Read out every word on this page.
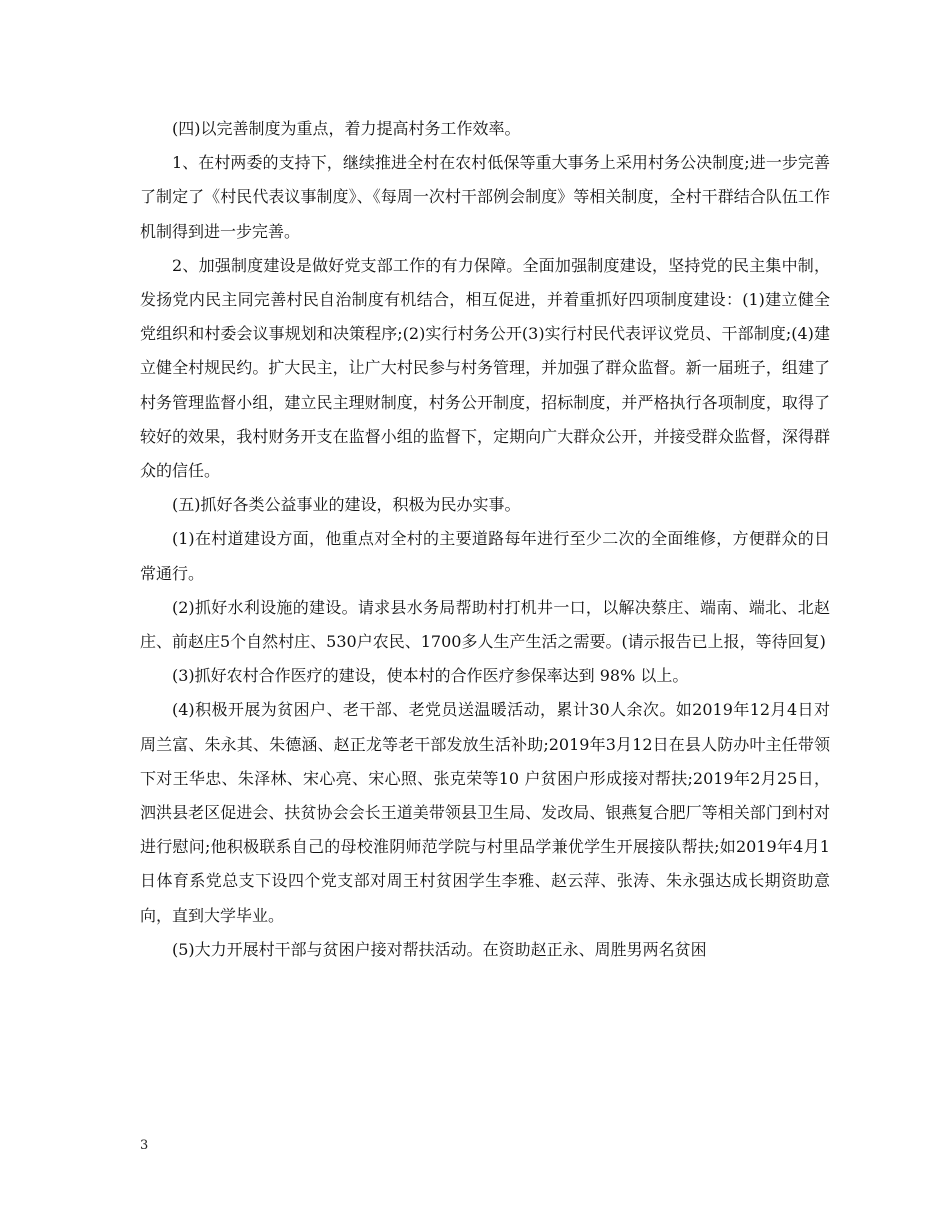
(四)以完善制度为重点，着力提高村务工作效率。

1、在村两委的支持下，继续推进全村在农村低保等重大事务上采用村务公决制度;进一步完善了制定了《村民代表议事制度》、《每周一次村干部例会制度》等相关制度，全村干群结合队伍工作机制得到进一步完善。

2、加强制度建设是做好党支部工作的有力保障。全面加强制度建设，坚持党的民主集中制，发扬党内民主同完善村民自治制度有机结合，相互促进，并着重抓好四项制度建设：(1)建立健全党组织和村委会议事规划和决策程序;(2)实行村务公开(3)实行村民代表评议党员、干部制度;(4)建立健全村规民约。扩大民主，让广大村民参与村务管理，并加强了群众监督。新一届班子，组建了村务管理监督小组，建立民主理财制度，村务公开制度，招标制度，并严格执行各项制度，取得了较好的效果，我村财务开支在监督小组的监督下，定期向广大群众公开，并接受群众监督，深得群众的信任。

(五)抓好各类公益事业的建设，积极为民办实事。

(1)在村道建设方面，他重点对全村的主要道路每年进行至少二次的全面维修，方便群众的日常通行。

(2)抓好水利设施的建设。请求县水务局帮助村打机井一口，以解决蔡庄、端南、端北、北赵庄、前赵庄5个自然村庄、530户农民、1700多人生产生活之需要。(请示报告已上报，等待回复)

(3)抓好农村合作医疗的建设，使本村的合作医疗参保率达到 98% 以上。

(4)积极开展为贫困户、老干部、老党员送温暖活动，累计30人余次。如2019年12月4日对周兰富、朱永其、朱德涵、赵正龙等老干部发放生活补助;2019年3月12日在县人防办叶主任带领下对王华忠、朱泽林、宋心亮、宋心照、张克荣等10 户贫困户形成接对帮扶;2019年2月25日，泗洪县老区促进会、扶贫协会会长王道美带领县卫生局、发改局、银燕复合肥厂等相关部门到村对进行慰问;他积极联系自己的母校淮阴师范学院与村里品学兼优学生开展接队帮扶;如2019年4月1日体育系党总支下设四个党支部对周王村贫困学生李雅、赵云萍、张涛、朱永强达成长期资助意向，直到大学毕业。

(5)大力开展村干部与贫困户接对帮扶活动。在资助赵正永、周胜男两名贫困

3
